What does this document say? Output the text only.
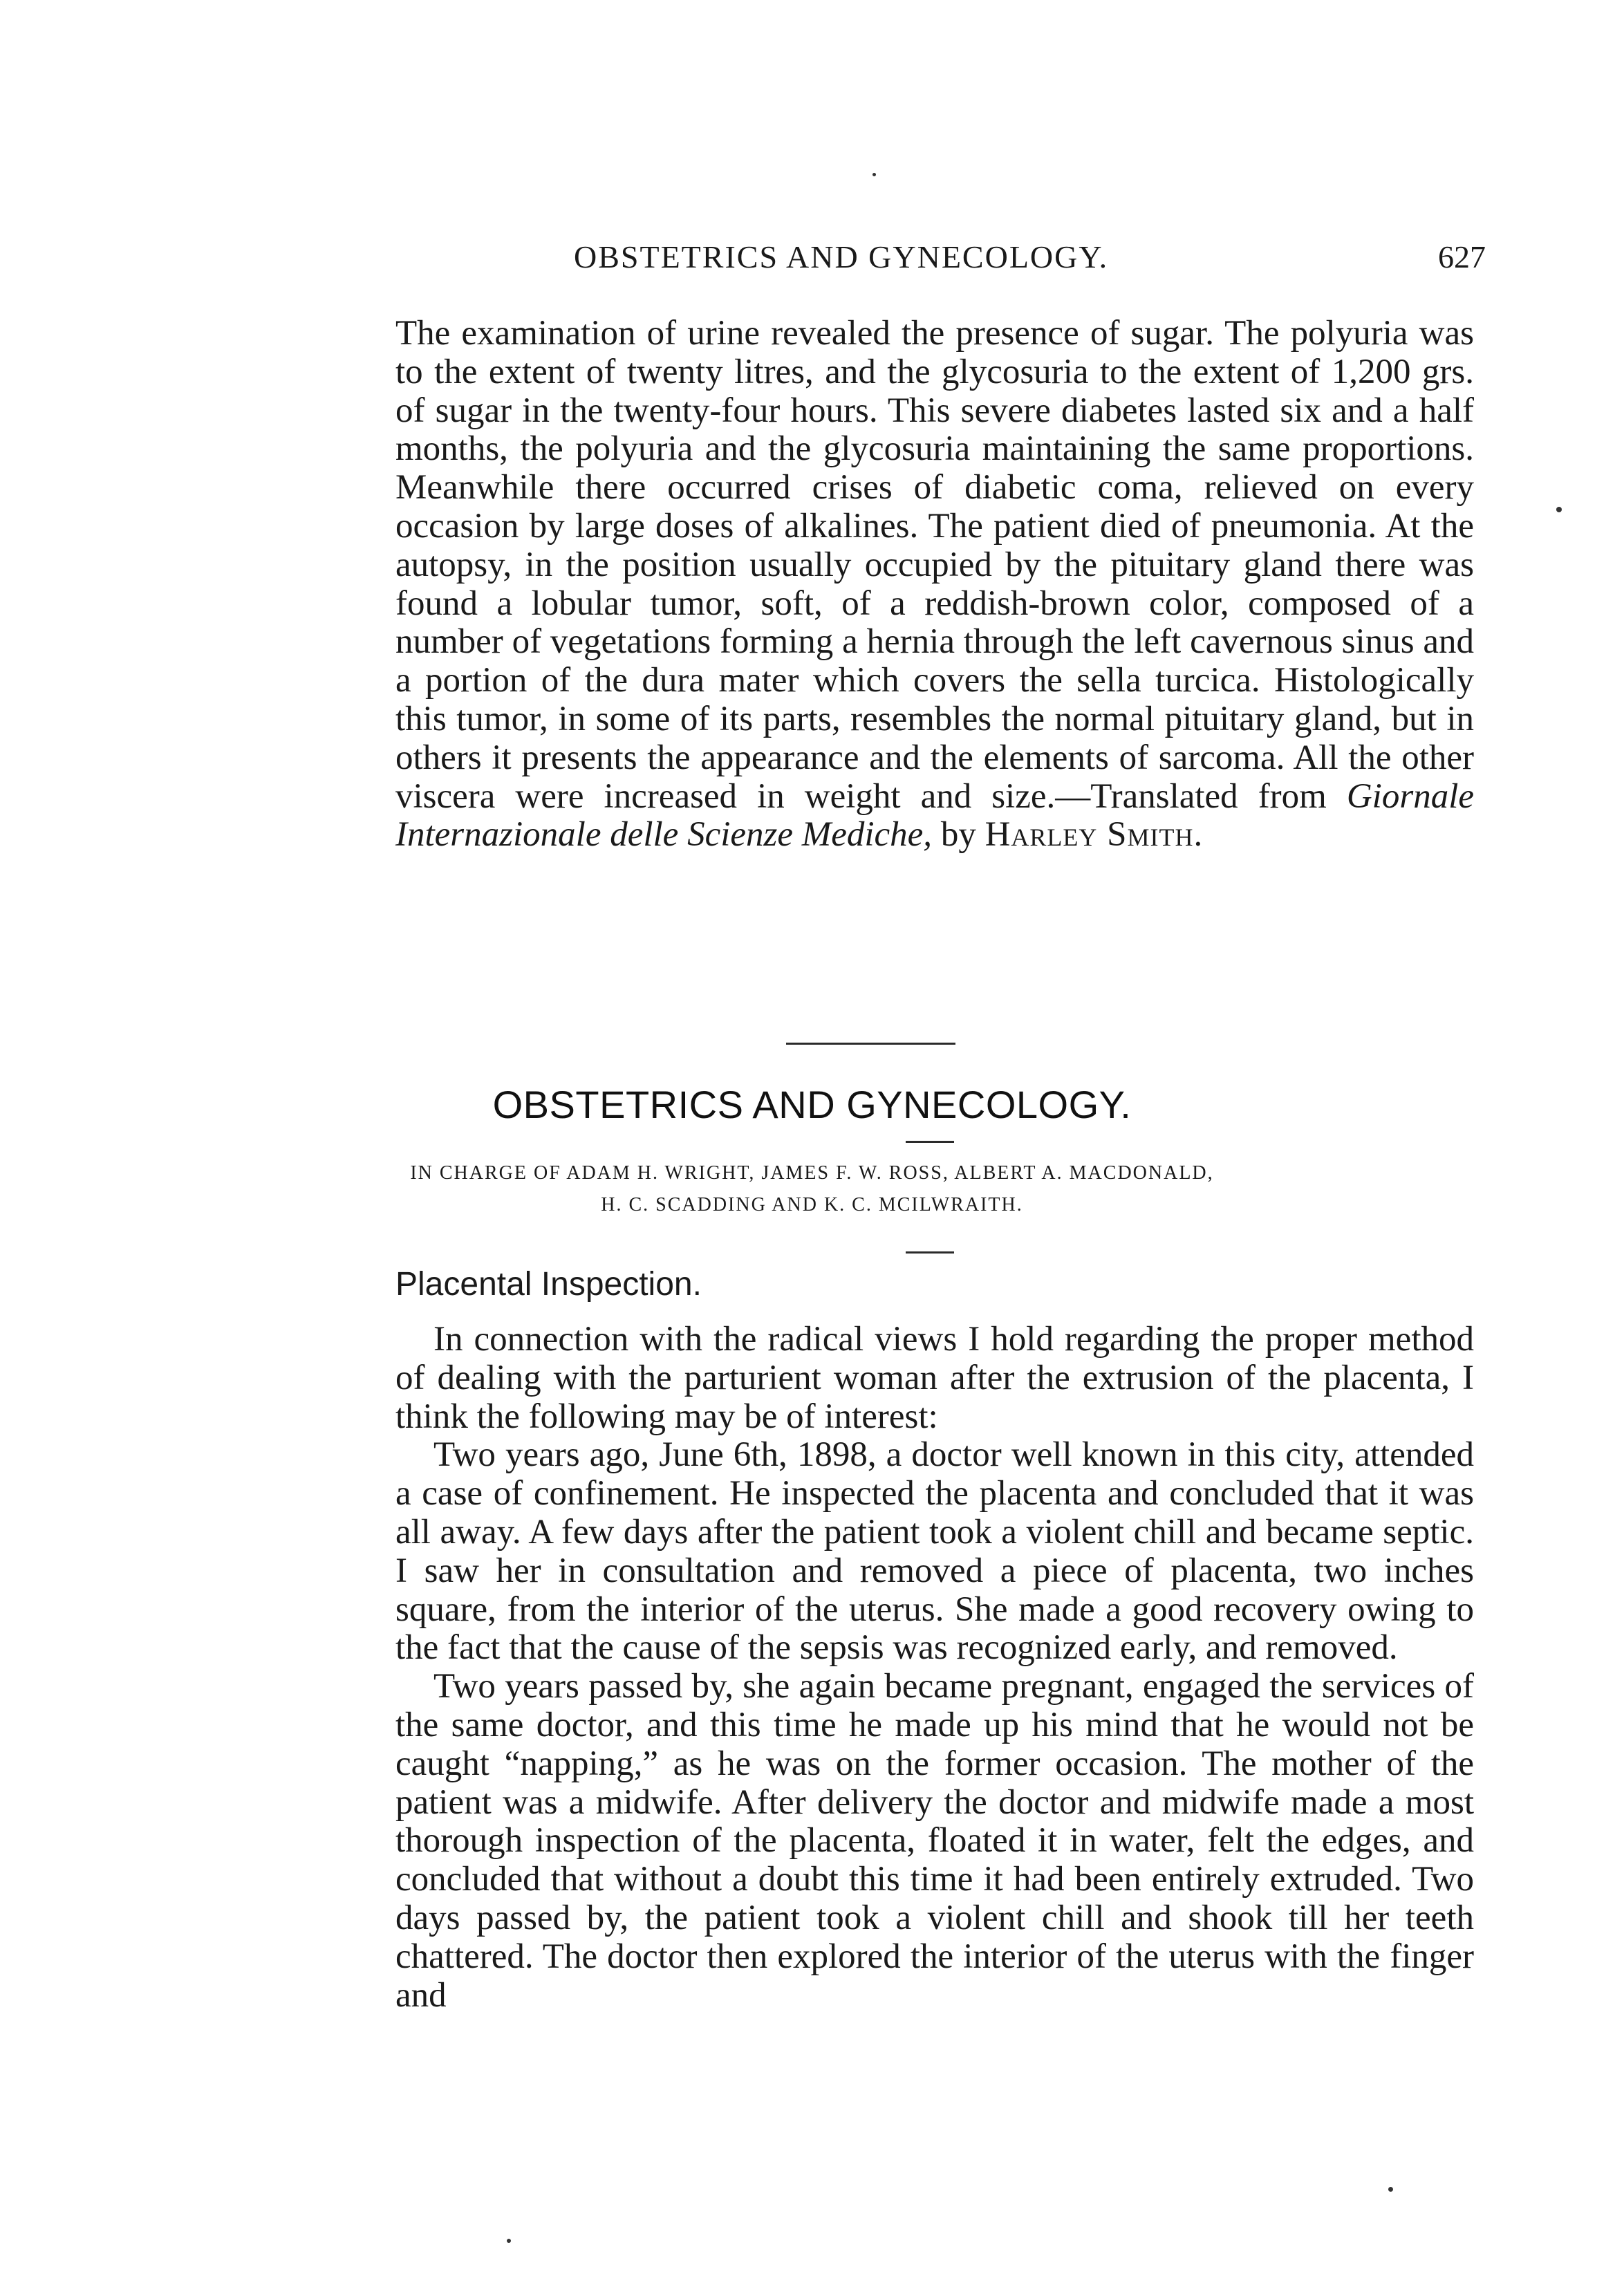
OBSTETRICS AND GYNECOLOGY.	627

The examination of urine revealed the presence of sugar. The polyuria was to the extent of twenty litres, and the glycosuria to the extent of 1,200 grs. of sugar in the twenty-four hours. This severe diabetes lasted six and a half months, the polyuria and the glycosuria maintaining the same proportions. Meanwhile there occurred crises of diabetic coma, relieved on every occasion by large doses of alkalines. The patient died of pneumonia. At the autopsy, in the position usually occupied by the pituitary gland there was found a lobular tumor, soft, of a reddish-brown color, composed of a number of vegetations forming a hernia through the left cavernous sinus and a portion of the dura mater which covers the sella turcica. Histologically this tumor, in some of its parts, resembles the normal pituitary gland, but in others it presents the appearance and the elements of sarcoma. All the other viscera were increased in weight and size.—Translated from Giornale Internazionale delle Scienze Mediche, by Harley Smith.

OBSTETRICS AND GYNECOLOGY.
IN CHARGE OF ADAM H. WRIGHT, JAMES F. W. ROSS, ALBERT A. MACDONALD,
H. C. SCADDING AND K. C. MCILWRAITH.
Placental Inspection.

In connection with the radical views I hold regarding the proper method of dealing with the parturient woman after the extrusion of the placenta, I think the following may be of interest:

Two years ago, June 6th, 1898, a doctor well known in this city, attended a case of confinement. He inspected the placenta and concluded that it was all away. A few days after the patient took a violent chill and became septic. I saw her in consultation and removed a piece of placenta, two inches square, from the interior of the uterus. She made a good recovery owing to the fact that the cause of the sepsis was recognized early, and removed.

Two years passed by, she again became pregnant, engaged the services of the same doctor, and this time he made up his mind that he would not be caught “napping,” as he was on the former occasion. The mother of the patient was a midwife. After delivery the doctor and midwife made a most thorough inspection of the placenta, floated it in water, felt the edges, and concluded that without a doubt this time it had been entirely extruded. Two days passed by, the patient took a violent chill and shook till her teeth chattered. The doctor then explored the interior of the uterus with the finger and
